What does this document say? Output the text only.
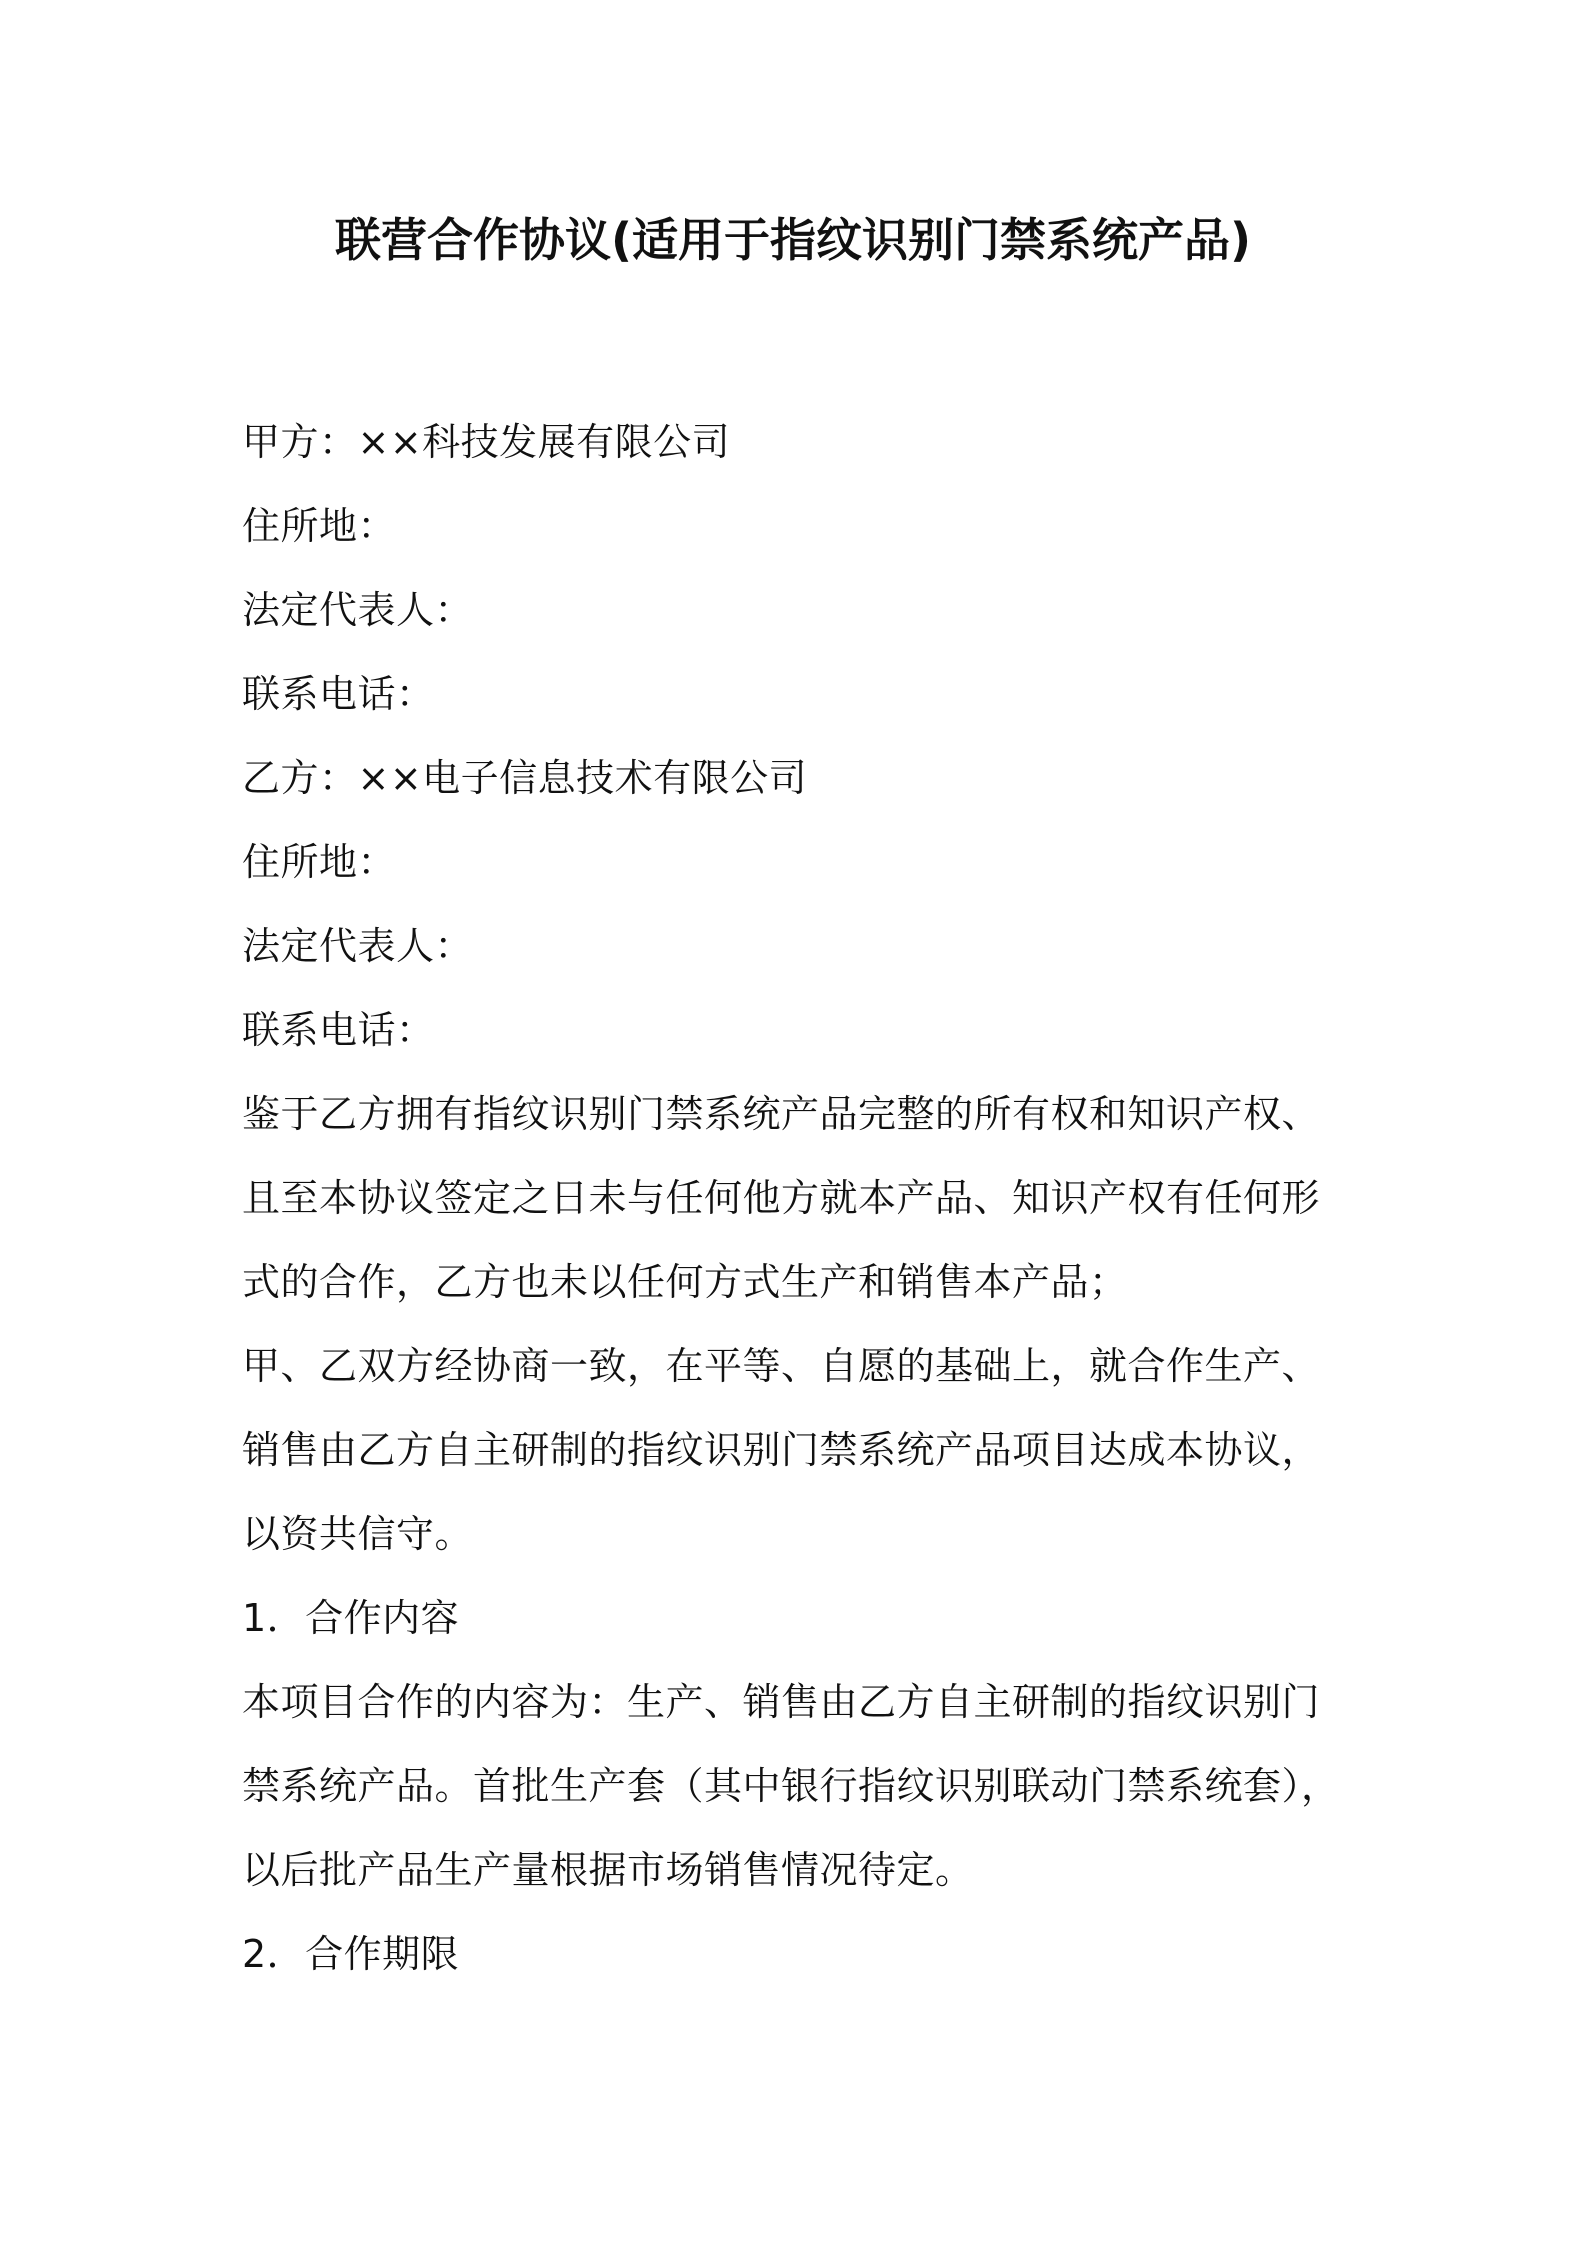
联营合作协议(适用于指纹识别门禁系统产品)
甲方：××科技发展有限公司
住所地：
法定代表人：
联系电话：
乙方：××电子信息技术有限公司
住所地：
法定代表人：
联系电话：
鉴于乙方拥有指纹识别门禁系统产品完整的所有权和知识产权、
且至本协议签定之日未与任何他方就本产品、知识产权有任何形
式的合作，乙方也未以任何方式生产和销售本产品；
甲、乙双方经协商一致，在平等、自愿的基础上，就合作生产、
销售由乙方自主研制的指纹识别门禁系统产品项目达成本协议，
以资共信守。
1．合作内容
本项目合作的内容为：生产、销售由乙方自主研制的指纹识别门
禁系统产品。首批生产套（其中银行指纹识别联动门禁系统套），
以后批产品生产量根据市场销售情况待定。
2．合作期限
